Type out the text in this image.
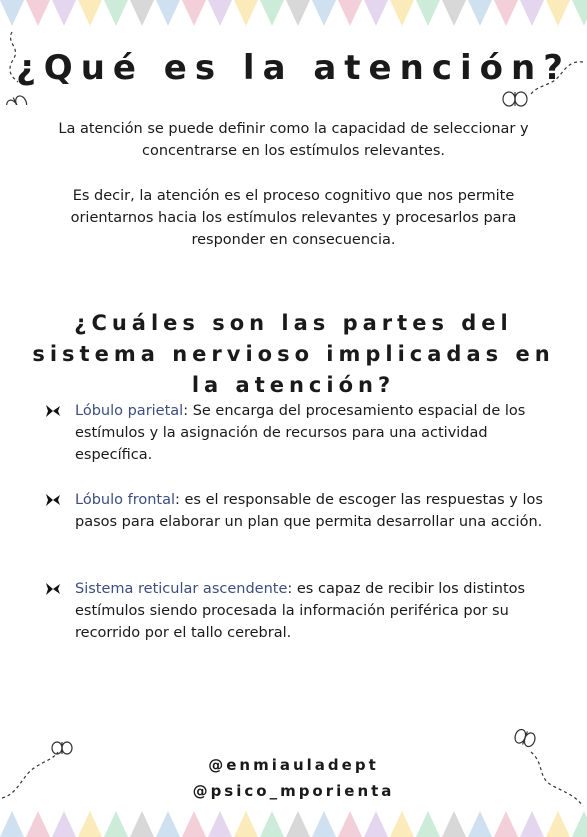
¿Qué es la atención?

La atención se puede definir como la capacidad de seleccionar y concentrarse en los estímulos relevantes.

Es decir, la atención es el proceso cognitivo que nos permite orientarnos hacia los estímulos relevantes y procesarlos para responder en consecuencia.

¿Cuáles son las partes del sistema nervioso implicadas en la atención?
Lóbulo parietal: Se encarga del procesamiento espacial de los estímulos y la asignación de recursos para una actividad específica.
Lóbulo frontal: es el responsable de escoger las respuestas y los pasos para elaborar un plan que permita desarrollar una acción.
Sistema reticular ascendente: es capaz de recibir los distintos estímulos siendo procesada la información periférica por su recorrido por el tallo cerebral.
@enmiauladept
@psico_mporienta
